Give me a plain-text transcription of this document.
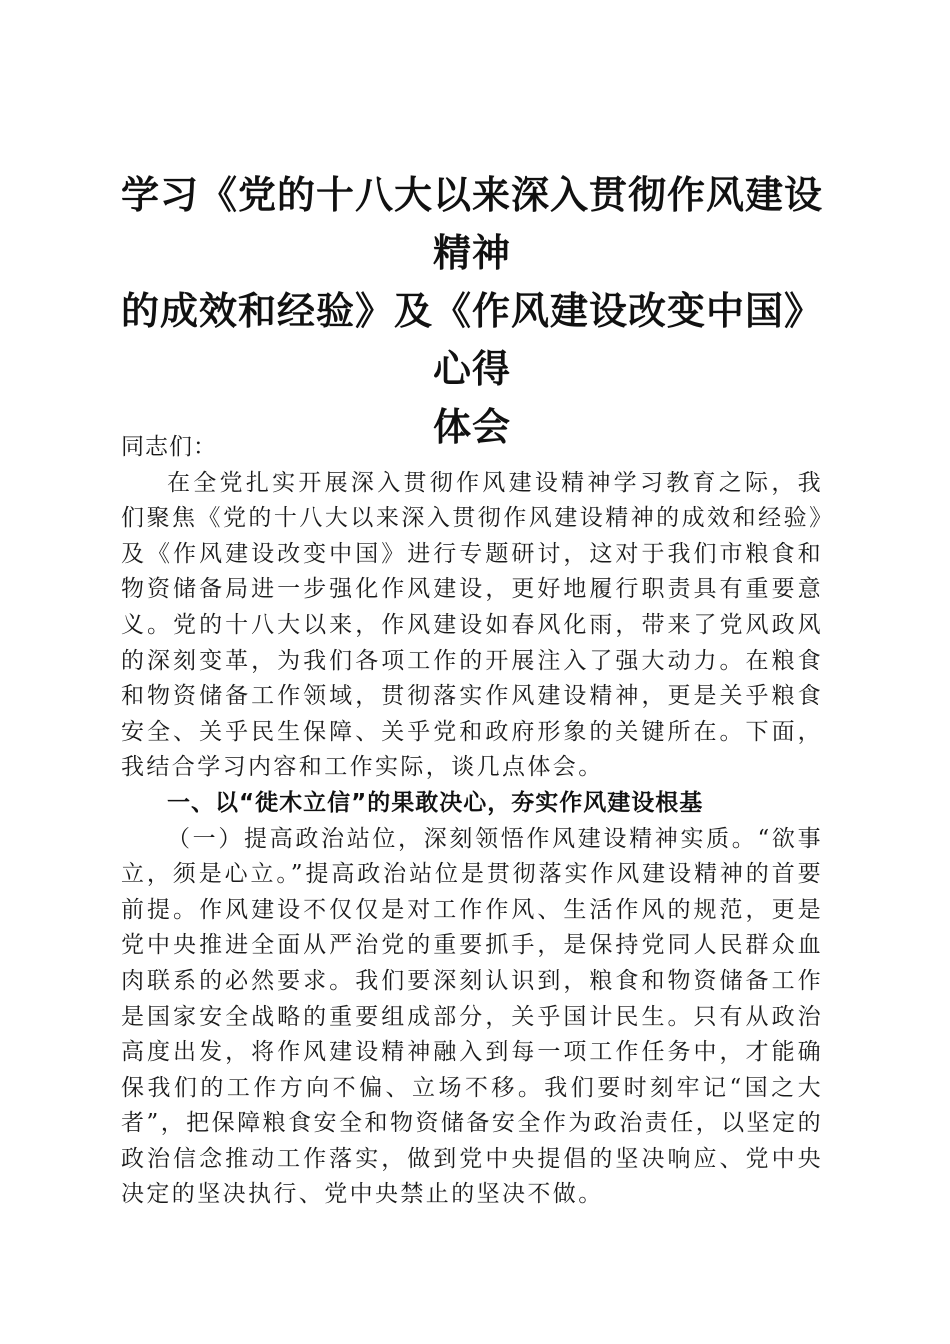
学习《党的十八大以来深入贯彻作风建设精神
的成效和经验》及《作风建设改变中国》心得
体会

同志们：

在全党扎实开展深入贯彻作风建设精神学习教育之际，我们聚焦《党的十八大以来深入贯彻作风建设精神的成效和经验》及《作风建设改变中国》进行专题研讨，这对于我们市粮食和物资储备局进一步强化作风建设，更好地履行职责具有重要意义。党的十八大以来，作风建设如春风化雨，带来了党风政风的深刻变革，为我们各项工作的开展注入了强大动力。在粮食和物资储备工作领域，贯彻落实作风建设精神，更是关乎粮食安全、关乎民生保障、关乎党和政府形象的关键所在。下面，我结合学习内容和工作实际，谈几点体会。

一、以“徙木立信”的果敢决心，夯实作风建设根基

（一）提高政治站位，深刻领悟作风建设精神实质。“欲事立，须是心立。”提高政治站位是贯彻落实作风建设精神的首要前提。作风建设不仅仅是对工作作风、生活作风的规范，更是党中央推进全面从严治党的重要抓手，是保持党同人民群众血肉联系的必然要求。我们要深刻认识到，粮食和物资储备工作是国家安全战略的重要组成部分，关乎国计民生。只有从政治高度出发，将作风建设精神融入到每一项工作任务中，才能确保我们的工作方向不偏、立场不移。我们要时刻牢记“国之大者”，把保障粮食安全和物资储备安全作为政治责任，以坚定的政治信念推动工作落实，做到党中央提倡的坚决响应、党中央决定的坚决执行、党中央禁止的坚决不做。
